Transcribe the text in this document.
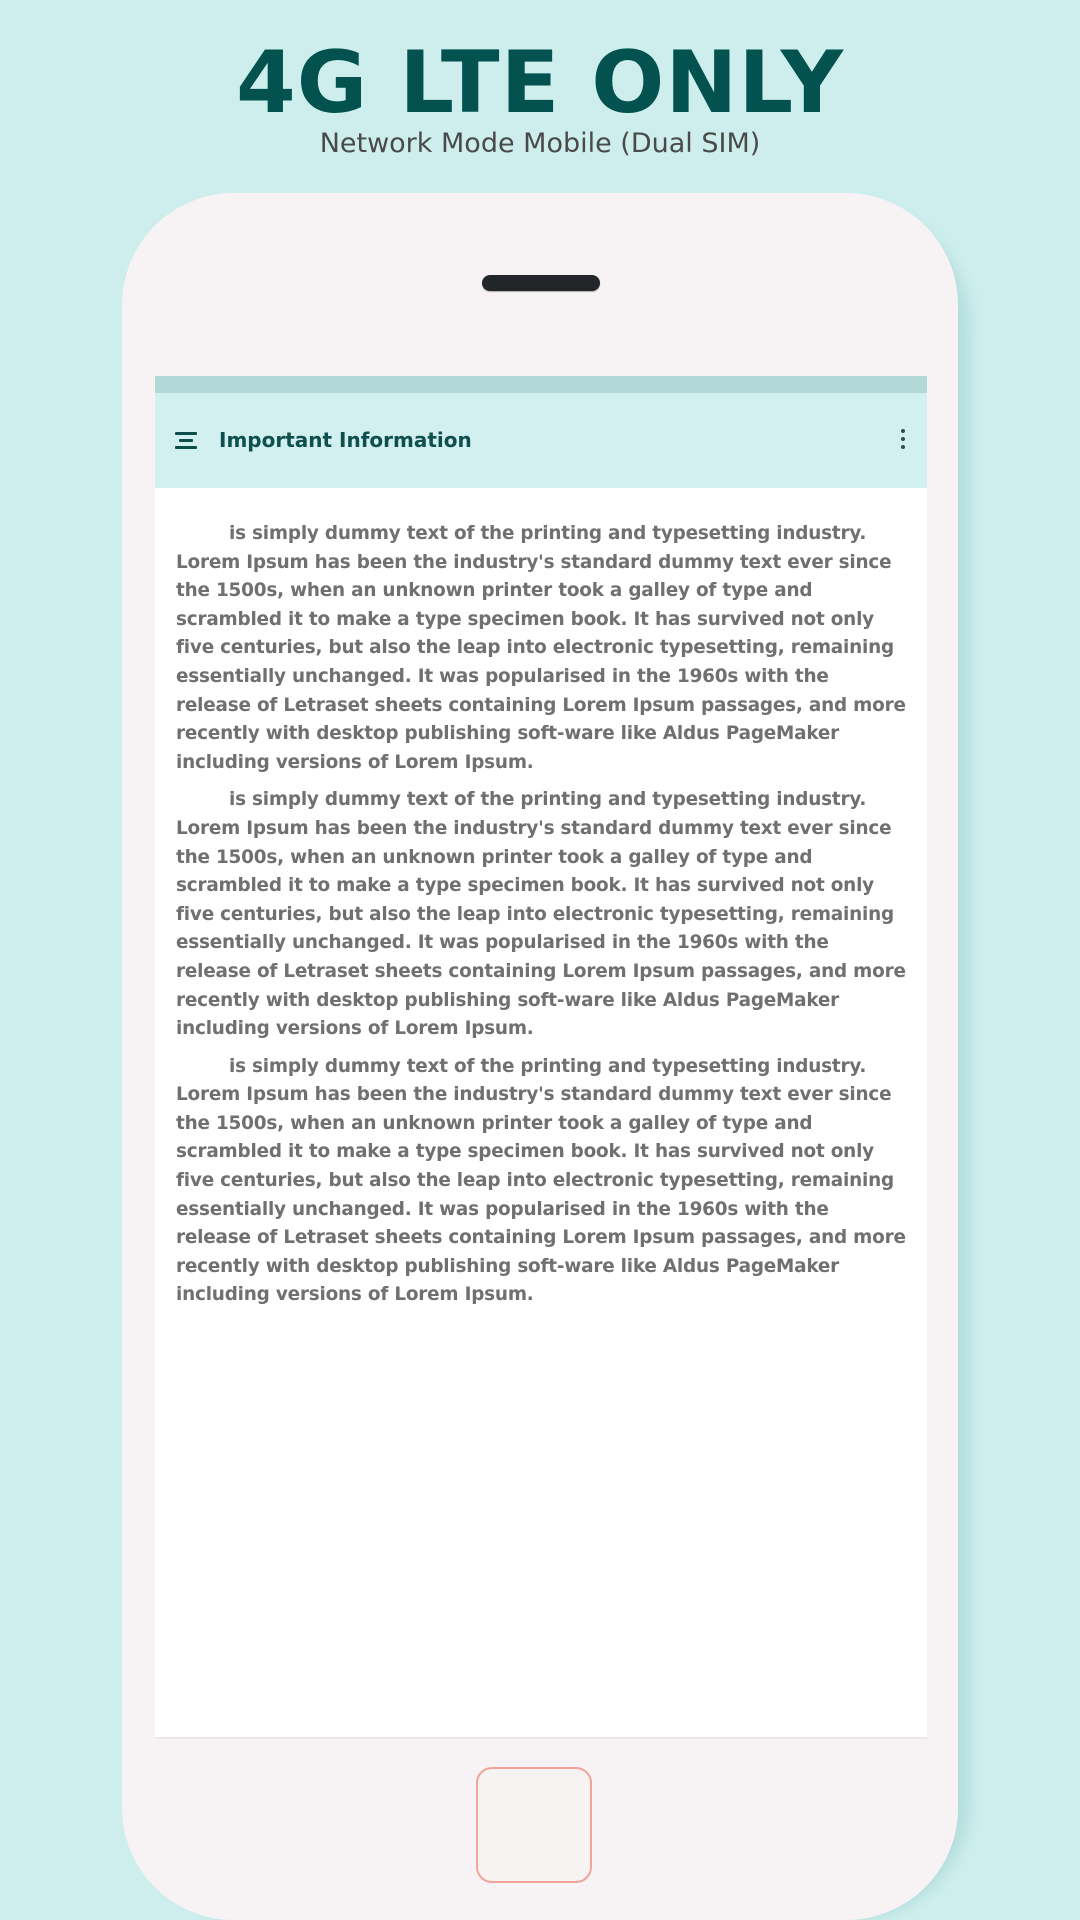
4G LTE ONLY
Network Mode Mobile (Dual SIM)
Important Information

is simply dummy text of the printing and typesetting industry. Lorem Ipsum has been the industry's standard dummy text ever since the 1500s, when an unknown printer took a galley of type and scrambled it to make a type specimen book. It has survived not only five centuries, but also the leap into electronic typesetting, remaining essentially unchanged. It was popularised in the 1960s with the release of Letraset sheets containing Lorem Ipsum passages, and more recently with desktop publishing soft-ware like Aldus PageMaker including versions of Lorem Ipsum.

is simply dummy text of the printing and typesetting industry. Lorem Ipsum has been the industry's standard dummy text ever since the 1500s, when an unknown printer took a galley of type and scrambled it to make a type specimen book. It has survived not only five centuries, but also the leap into electronic typesetting, remaining essentially unchanged. It was popularised in the 1960s with the release of Letraset sheets containing Lorem Ipsum passages, and more recently with desktop publishing soft-ware like Aldus PageMaker including versions of Lorem Ipsum.

is simply dummy text of the printing and typesetting industry. Lorem Ipsum has been the industry's standard dummy text ever since the 1500s, when an unknown printer took a galley of type and scrambled it to make a type specimen book. It has survived not only five centuries, but also the leap into electronic typesetting, remaining essentially unchanged. It was popularised in the 1960s with the release of Letraset sheets containing Lorem Ipsum passages, and more recently with desktop publishing soft-ware like Aldus PageMaker including versions of Lorem Ipsum.
